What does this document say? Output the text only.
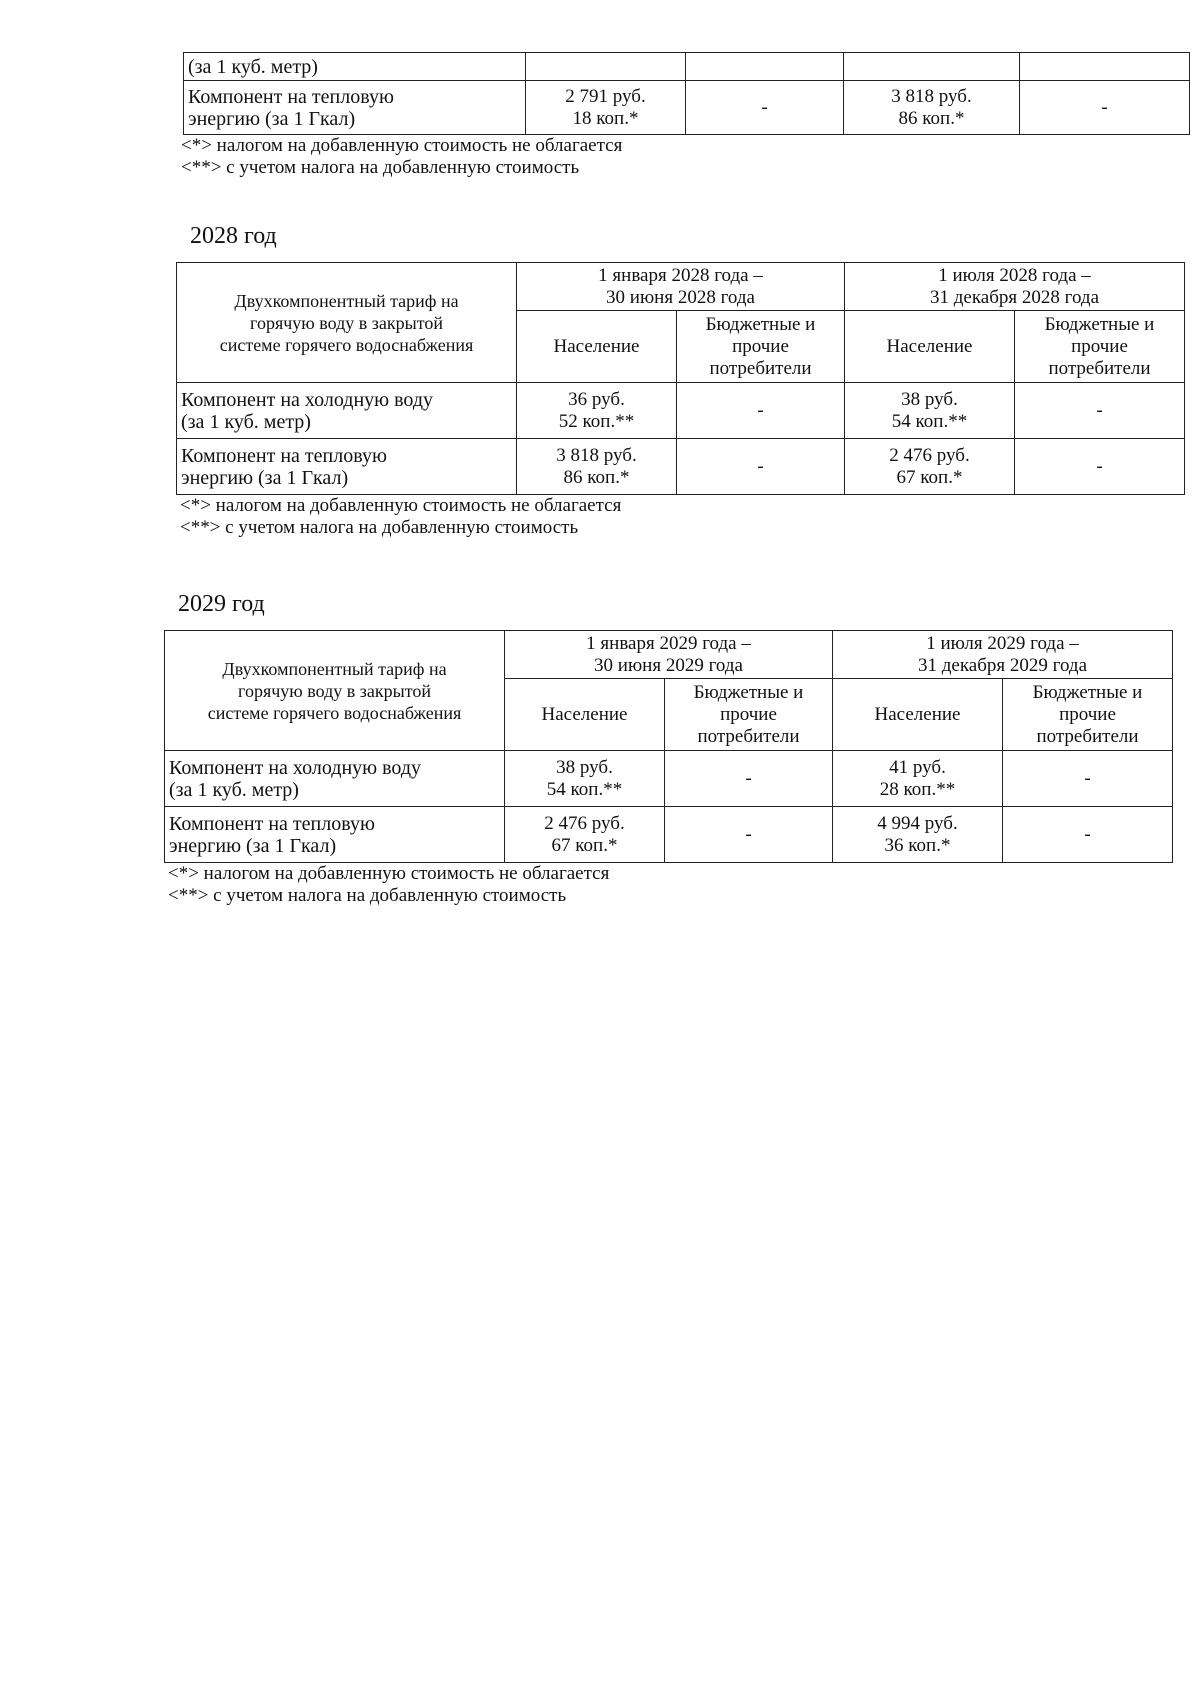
(за 1 куб. метр)				

Компонент на тепловую
энергию (за 1 Гкал)	2 791 руб.
18 коп.*	-	3 818 руб.
86 коп.*	-
<*> налогом на добавленную стоимость не облагается
<**> с учетом налога на добавленную стоимость
2028 год
Двухкомпонентный тариф на
горячую воду в закрытой
системе горячего водоснабжения	1 января 2028 года –
30 июня 2028 года		1 июля 2028 года –
31 декабря 2028 года	

	Население	Бюджетные и
прочие
потребители	Население	Бюджетные и
прочие
потребители

Компонент на холодную воду
(за 1 куб. метр)	36 руб.
52 коп.**	-	38 руб.
54 коп.**	-

Компонент на тепловую
энергию (за 1 Гкал)	3 818 руб.
86 коп.*	-	2 476 руб.
67 коп.*	-
<*> налогом на добавленную стоимость не облагается
<**> с учетом налога на добавленную стоимость
2029 год
Двухкомпонентный тариф на
горячую воду в закрытой
системе горячего водоснабжения	1 января 2029 года –
30 июня 2029 года		1 июля 2029 года –
31 декабря 2029 года	

	Население	Бюджетные и
прочие
потребители	Население	Бюджетные и
прочие
потребители

Компонент на холодную воду
(за 1 куб. метр)	38 руб.
54 коп.**	-	41 руб.
28 коп.**	-

Компонент на тепловую
энергию (за 1 Гкал)	2 476 руб.
67 коп.*	-	4 994 руб.
36 коп.*	-
<*> налогом на добавленную стоимость не облагается
<**> с учетом налога на добавленную стоимость
